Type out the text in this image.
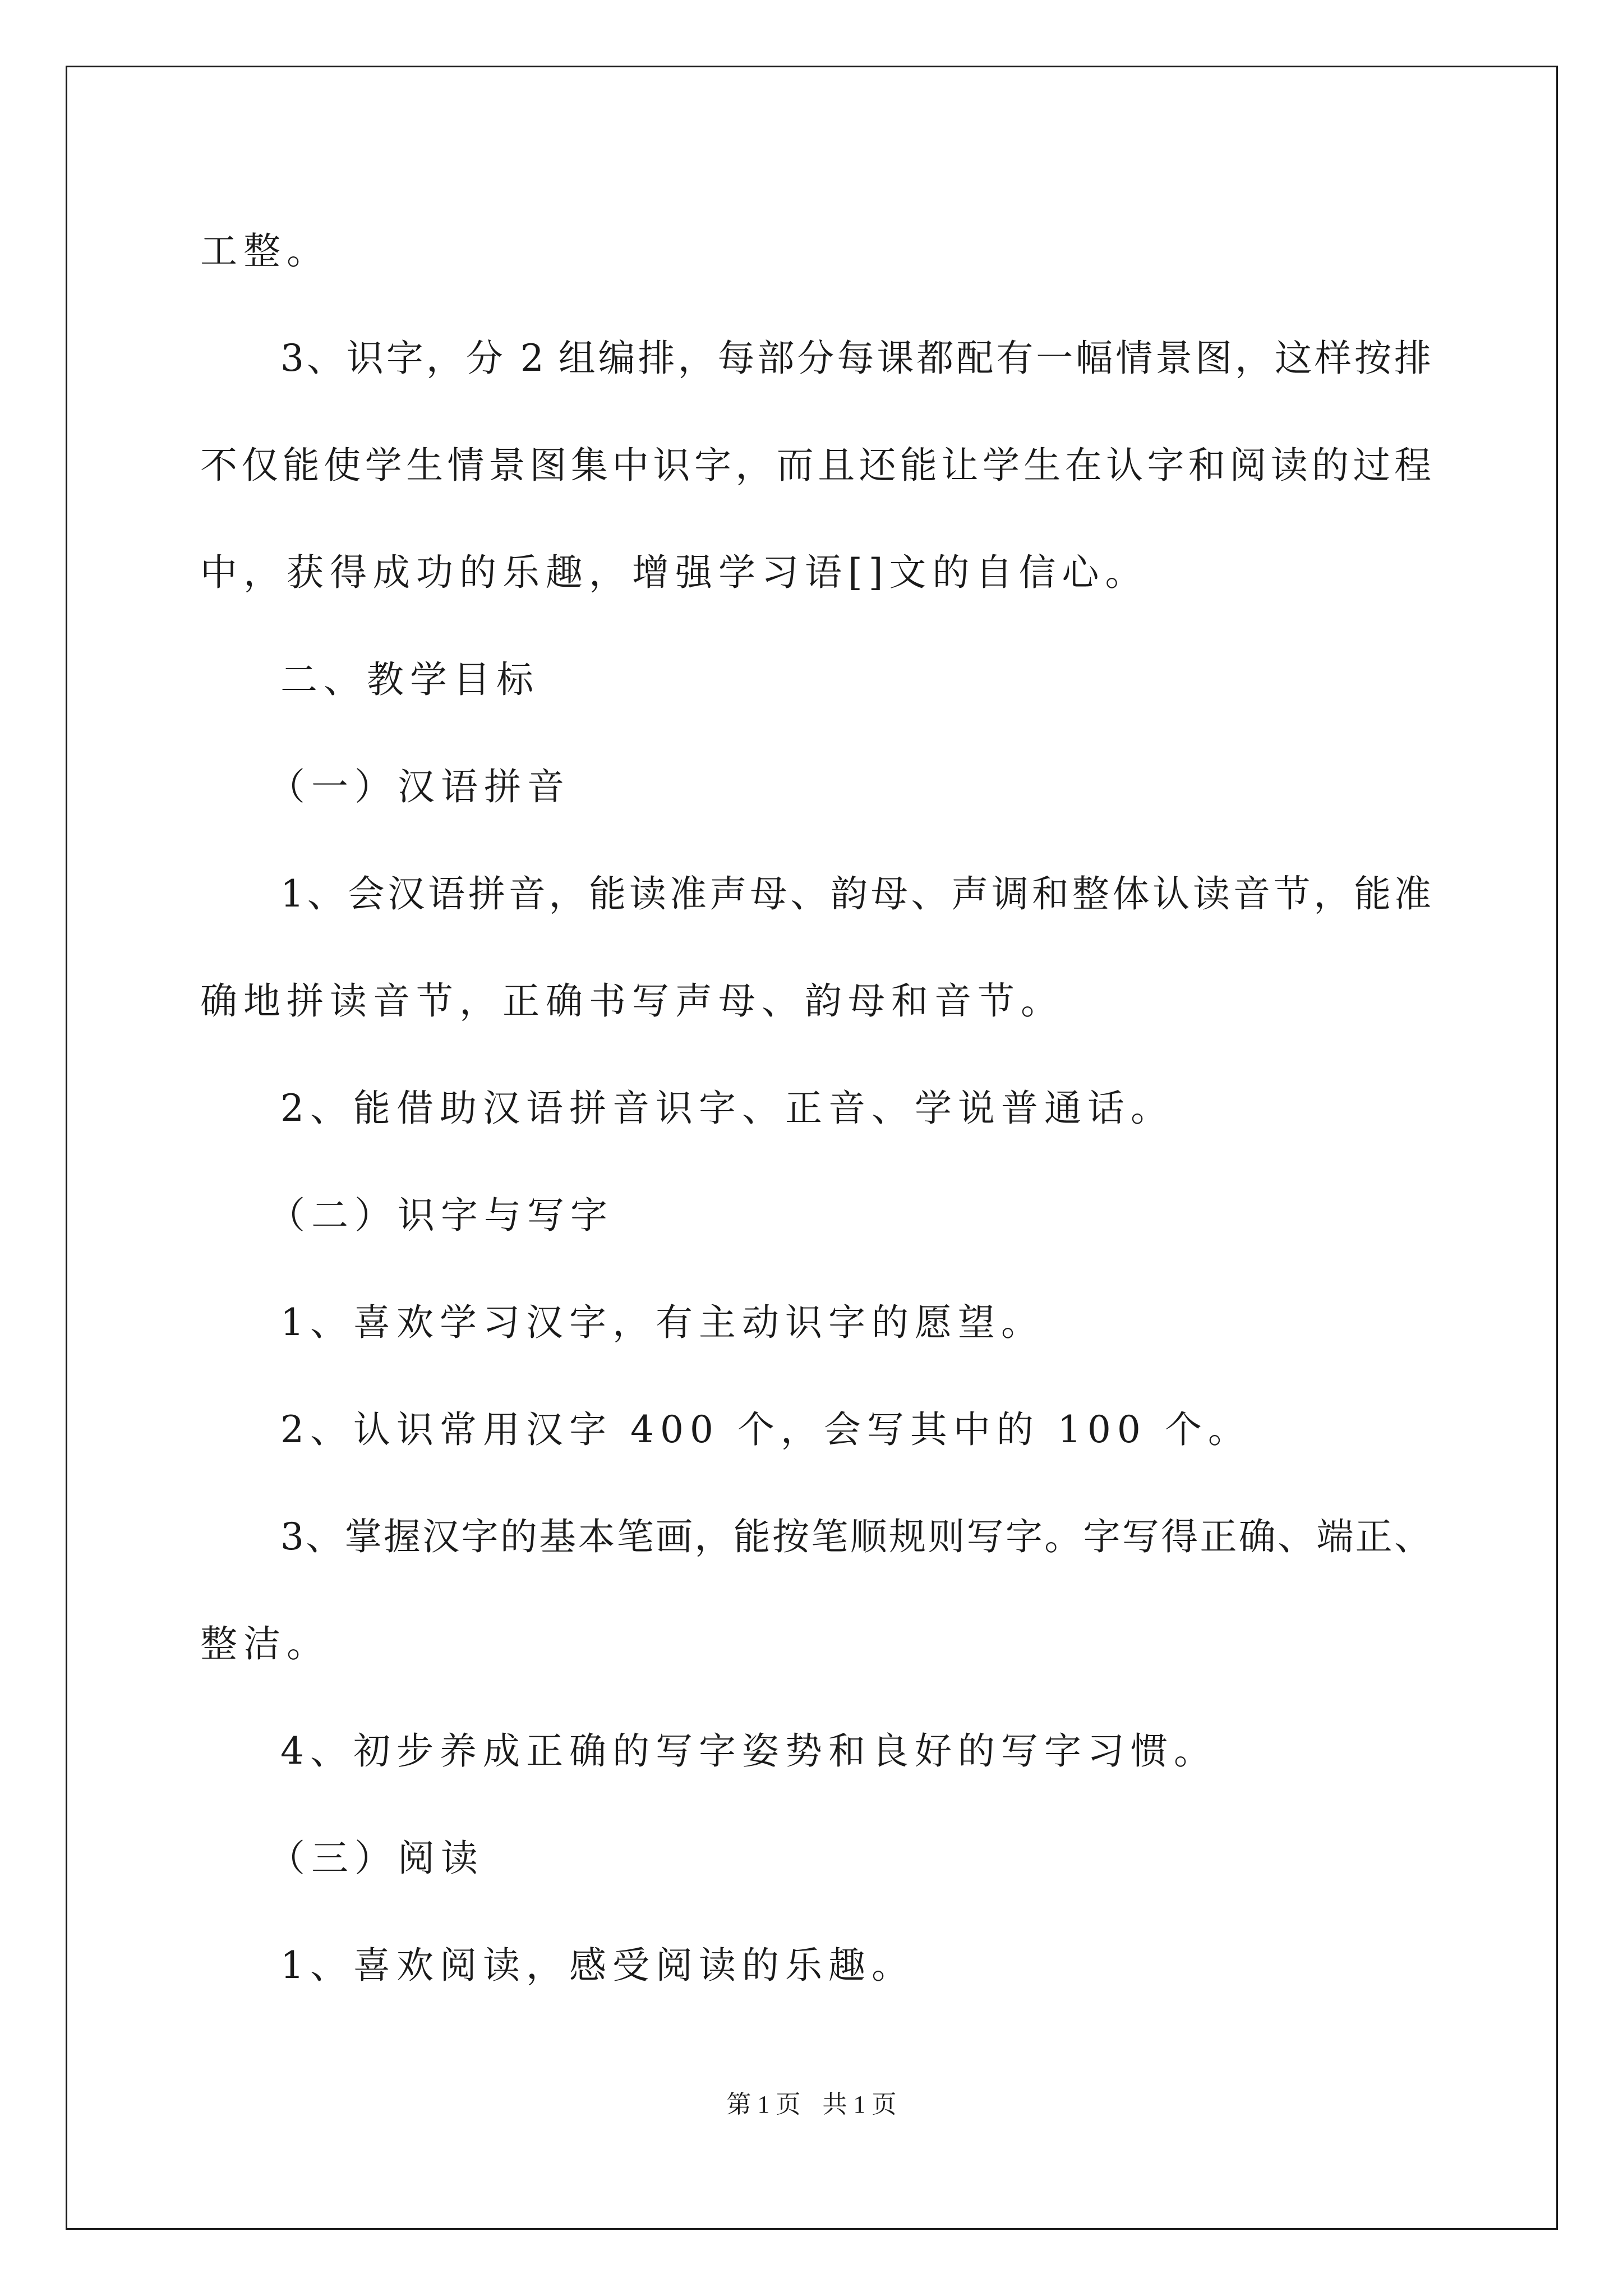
工整。
3、识字，分 2 组编排，每部分每课都配有一幅情景图，这样按排
不仅能使学生情景图集中识字，而且还能让学生在认字和阅读的过程
中，获得成功的乐趣，增强学习语[]文的自信心。
二、教学目标
（一）汉语拼音
1、会汉语拼音，能读准声母、韵母、声调和整体认读音节，能准
确地拼读音节，正确书写声母、韵母和音节。
2、能借助汉语拼音识字、正音、学说普通话。
（二）识字与写字
1、喜欢学习汉字，有主动识字的愿望。
2、认识常用汉字 400 个，会写其中的 100 个。
3、掌握汉字的基本笔画，能按笔顺规则写字。字写得正确、端正、
整洁。
4、初步养成正确的写字姿势和良好的写字习惯。
（三）阅读
1、喜欢阅读，感受阅读的乐趣。
第 1 页 共 1 页
